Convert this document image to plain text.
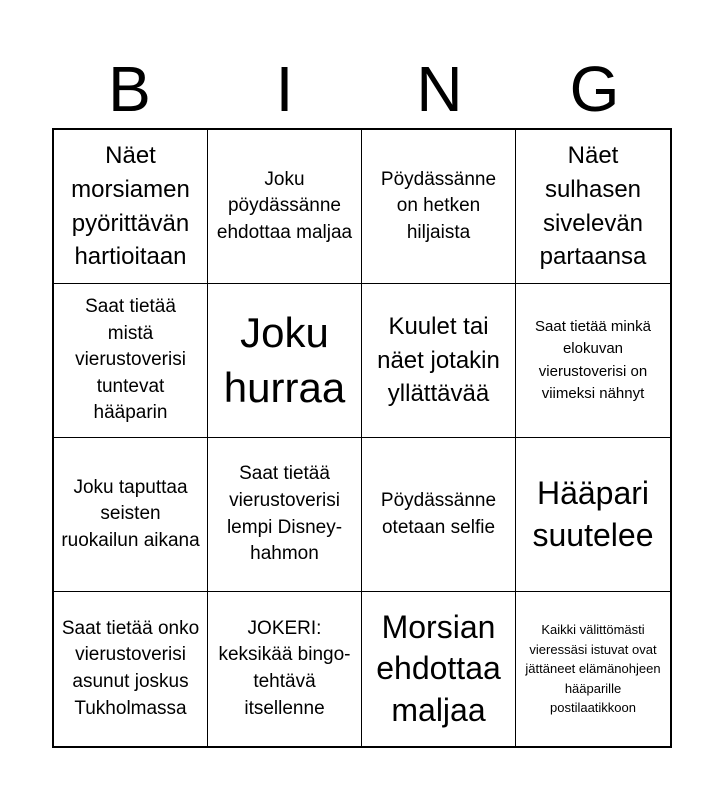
B	I	N	G
Näet morsiamen pyörittävän hartioitaan
Joku pöydässänne ehdottaa maljaa
Pöydässänne on hetken hiljaista
Näet sulhasen sivelevän partaansa
Saat tietää mistä vierustoverisi tuntevat hääparin
Joku hurraa
Kuulet tai näet jotakin yllättävää
Saat tietää minkä elokuvan vierustoverisi on viimeksi nähnyt
Joku taputtaa seisten ruokailun aikana
Saat tietää vierustoverisi lempi Disney-hahmon
Pöydässänne otetaan selfie
Hääpari suutelee
Saat tietää onko vierustoverisi asunut joskus Tukholmassa
JOKERI: keksikää bingo-tehtävä itsellenne
Morsian ehdottaa maljaa
Kaikki välittömästi vieressäsi istuvat ovat jättäneet elämänohjeen hääparille postilaatikkoon
